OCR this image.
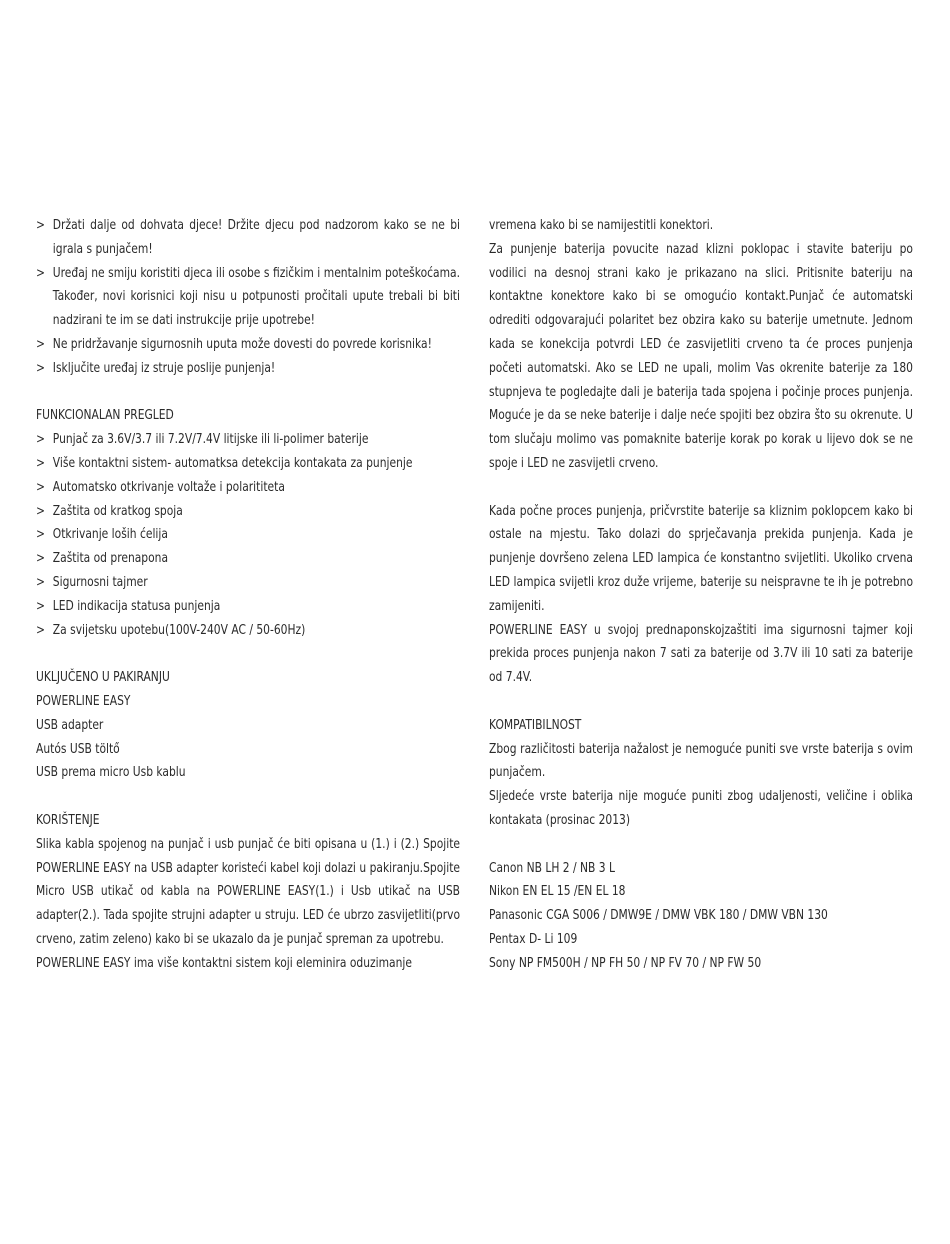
> Držati dalje od dohvata djece! Držite djecu pod nadzorom kako se ne bi igrala s punjačem!
> Uređaj ne smiju koristiti djeca ili osobe s fizičkim i mentalnim poteškoćama. Također, novi korisnici koji nisu u potpunosti pročitali upute trebali bi biti nadzirani te im se dati instrukcije prije upotrebe!
> Ne pridržavanje sigurnosnih uputa može dovesti do povrede korisnika!
> Isključite uređaj iz struje poslije punjenja!
FUNKCIONALAN PREGLED
> Punjač za 3.6V/3.7 ili 7.2V/7.4V litijske ili li-polimer baterije
> Više kontaktni sistem- automatksa detekcija kontakata za punjenje
> Automatsko otkrivanje voltaže i polarititeta
> Zaštita od kratkog spoja
> Otkrivanje loših ćelija
> Zaštita od prenapona
> Sigurnosni tajmer
> LED indikacija statusa punjenja
> Za svijetsku upotebu(100V-240V AC / 50-60Hz)
UKLJUČENO U PAKIRANJU
POWERLINE EASY
USB adapter
Autós USB töltő
USB prema micro Usb kablu
KORIŠTENJE
Slika kabla spojenog na punjač i usb punjač će biti opisana u (1.) i (2.) Spojite POWERLINE EASY na USB adapter koristeći kabel koji dolazi u pakiranju.Spojite Micro USB utikač od kabla na POWERLINE EASY(1.) i Usb utikač na USB adapter(2.). Tada spojite strujni adapter u struju. LED će ubrzo zasvijetliti(prvo crveno, zatim zeleno) kako bi se ukazalo da je punjač spreman za upotrebu.
POWERLINE EASY ima više kontaktni sistem koji eleminira oduzimanje
vremena kako bi se namijestitli konektori.
Za punjenje baterija povucite nazad klizni poklopac i stavite bateriju po vodilici na desnoj strani kako je prikazano na slici. Pritisnite bateriju na kontaktne konektore kako bi se omogućio kontakt.Punjač će automatski odrediti odgovarajući polaritet bez obzira kako su baterije umetnute. Jednom kada se konekcija potvrdi LED će zasvijetliti crveno ta će proces punjenja početi automatski. Ako se LED ne upali, molim Vas okrenite baterije za 180 stupnjeva te pogledajte dali je baterija tada spojena i počinje proces punjenja. Moguće je da se neke baterije i dalje neće spojiti bez obzira što su okrenute. U tom slučaju molimo vas pomaknite baterije korak po korak u lijevo dok se ne spoje i LED ne zasvijetli crveno.
Kada počne proces punjenja, pričvrstite baterije sa kliznim poklopcem kako bi ostale na mjestu. Tako dolazi do sprječavanja prekida punjenja. Kada je punjenje dovršeno zelena LED lampica će konstantno svijetliti. Ukoliko crvena LED lampica svijetli kroz duže vrijeme, baterije su neispravne te ih je potrebno zamijeniti.
POWERLINE EASY u svojoj prednaponskojzaštiti ima sigurnosni tajmer koji prekida proces punjenja nakon 7 sati za baterije od 3.7V ili 10 sati za baterije od 7.4V.
KOMPATIBILNOST
Zbog različitosti baterija nažalost je nemoguće puniti sve vrste baterija s ovim punjačem.
Sljedeće vrste baterija nije moguće puniti zbog udaljenosti, veličine i oblika kontakata (prosinac 2013)
Canon NB LH 2 / NB 3 L
Nikon EN EL 15 /EN EL 18
Panasonic CGA S006 / DMW9E / DMW VBK 180 / DMW VBN 130
Pentax D- Li 109
Sony NP FM500H / NP FH 50 / NP FV 70 / NP FW 50
